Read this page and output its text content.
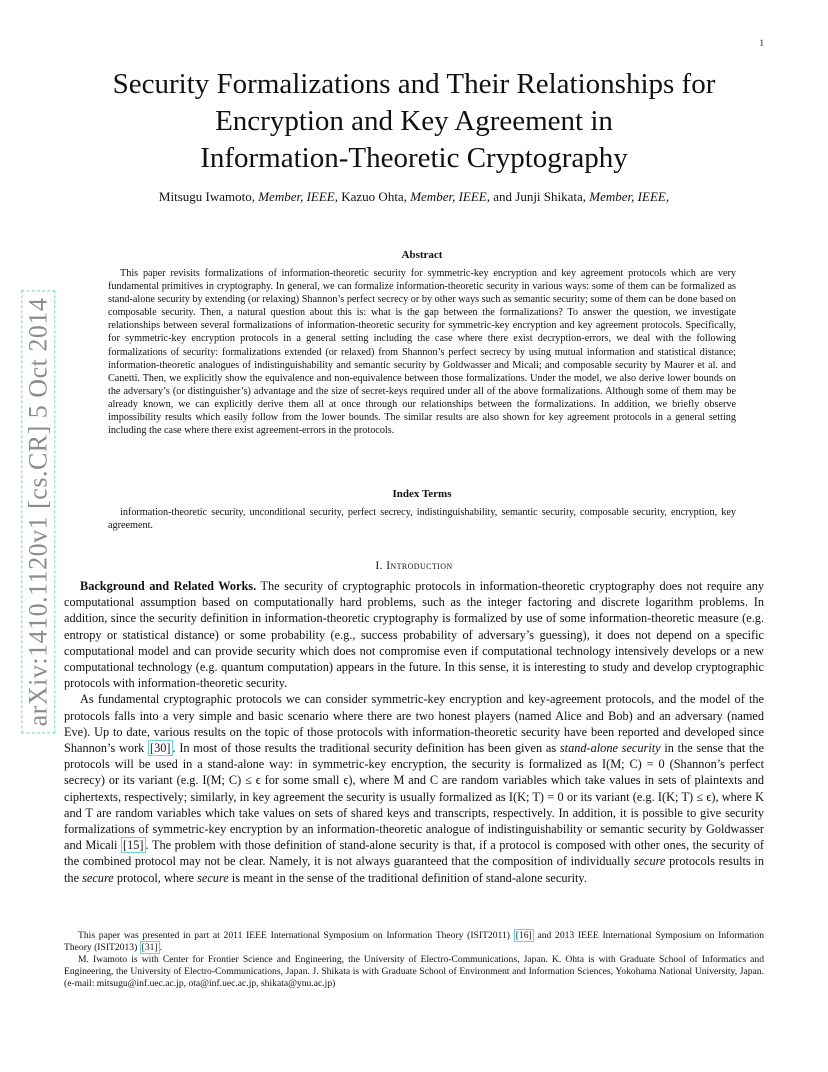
1
arXiv:1410.1120v1 [cs.CR] 5 Oct 2014
Security Formalizations and Their Relationships for
Encryption and Key Agreement in
Information-Theoretic Cryptography
Mitsugu Iwamoto, Member, IEEE, Kazuo Ohta, Member, IEEE, and Junji Shikata, Member, IEEE,
Abstract

This paper revisits formalizations of information-theoretic security for symmetric-key encryption and key agreement protocols which are very fundamental primitives in cryptography. In general, we can formalize information-theoretic security in various ways: some of them can be formalized as stand-alone security by extending (or relaxing) Shannon’s perfect secrecy or by other ways such as semantic security; some of them can be done based on composable security. Then, a natural question about this is: what is the gap between the formalizations? To answer the question, we investigate relationships between several formalizations of information-theoretic security for symmetric-key encryption and key agreement protocols. Specifically, for symmetric-key encryption protocols in a general setting including the case where there exist decryption-errors, we deal with the following formalizations of security: formalizations extended (or relaxed) from Shannon’s perfect secrecy by using mutual information and statistical distance; information-theoretic analogues of indistinguishability and semantic security by Goldwasser and Micali; and composable security by Maurer et al. and Canetti. Then, we explicitly show the equivalence and non-equivalence between those formalizations. Under the model, we also derive lower bounds on the adversary’s (or distinguisher’s) advantage and the size of secret-keys required under all of the above formalizations. Although some of them may be already known, we can explicitly derive them all at once through our relationships between the formalizations. In addition, we briefly observe impossibility results which easily follow from the lower bounds. The similar results are also shown for key agreement protocols in a general setting including the case where there exist agreement-errors in the protocols.

Index Terms

information-theoretic security, unconditional security, perfect secrecy, indistinguishability, semantic security, composable security, encryption, key agreement.

I. Introduction

Background and Related Works. The security of cryptographic protocols in information-theoretic cryptography does not require any computational assumption based on computationally hard problems, such as the integer factoring and discrete logarithm problems. In addition, since the security definition in information-theoretic cryptography is formalized by use of some information-theoretic measure (e.g. entropy or statistical distance) or some probability (e.g., success probability of adversary’s guessing), it does not depend on a specific computational model and can provide security which does not compromise even if computational technology intensively develops or a new computational technology (e.g. quantum computation) appears in the future. In this sense, it is interesting to study and develop cryptographic protocols with information-theoretic security.

As fundamental cryptographic protocols we can consider symmetric-key encryption and key-agreement protocols, and the model of the protocols falls into a very simple and basic scenario where there are two honest players (named Alice and Bob) and an adversary (named Eve). Up to date, various results on the topic of those protocols with information-theoretic security have been reported and developed since Shannon’s work [30] . In most of those results the traditional security definition has been given as stand-alone security in the sense that the protocols will be used in a stand-alone way: in symmetric-key encryption, the security is formalized as I(M; C) = 0 (Shannon’s perfect secrecy) or its variant (e.g. I(M; C) ≤ ϵ for some small ϵ), where M and C are random variables which take values in sets of plaintexts and ciphertexts, respectively; similarly, in key agreement the security is usually formalized as I(K; T) = 0 or its variant (e.g. I(K; T) ≤ ϵ), where K and T are random variables which take values on sets of shared keys and transcripts, respectively. In addition, it is possible to give security formalizations of symmetric-key encryption by an information-theoretic analogue of indistinguishability or semantic security by Goldwasser and Micali [15] . The problem with those definition of stand-alone security is that, if a protocol is composed with other ones, the security of the combined protocol may not be clear. Namely, it is not always guaranteed that the composition of individually secure protocols results in the secure protocol, where secure is meant in the sense of the traditional definition of stand-alone security.

This paper was presented in part at 2011 IEEE International Symposium on Information Theory (ISIT2011) [16] and 2013 IEEE International Symposium on Information Theory (ISIT2013) [31] .

M. Iwamoto is with Center for Frontier Science and Engineering, the University of Electro-Communications, Japan. K. Ohta is with Graduate School of Informatics and Engineering, the University of Electro-Communications, Japan. J. Shikata is with Graduate School of Environment and Information Sciences, Yokohama National University, Japan. (e-mail: mitsugu@inf.uec.ac.jp, ota@inf.uec.ac.jp, shikata@ynu.ac.jp)
